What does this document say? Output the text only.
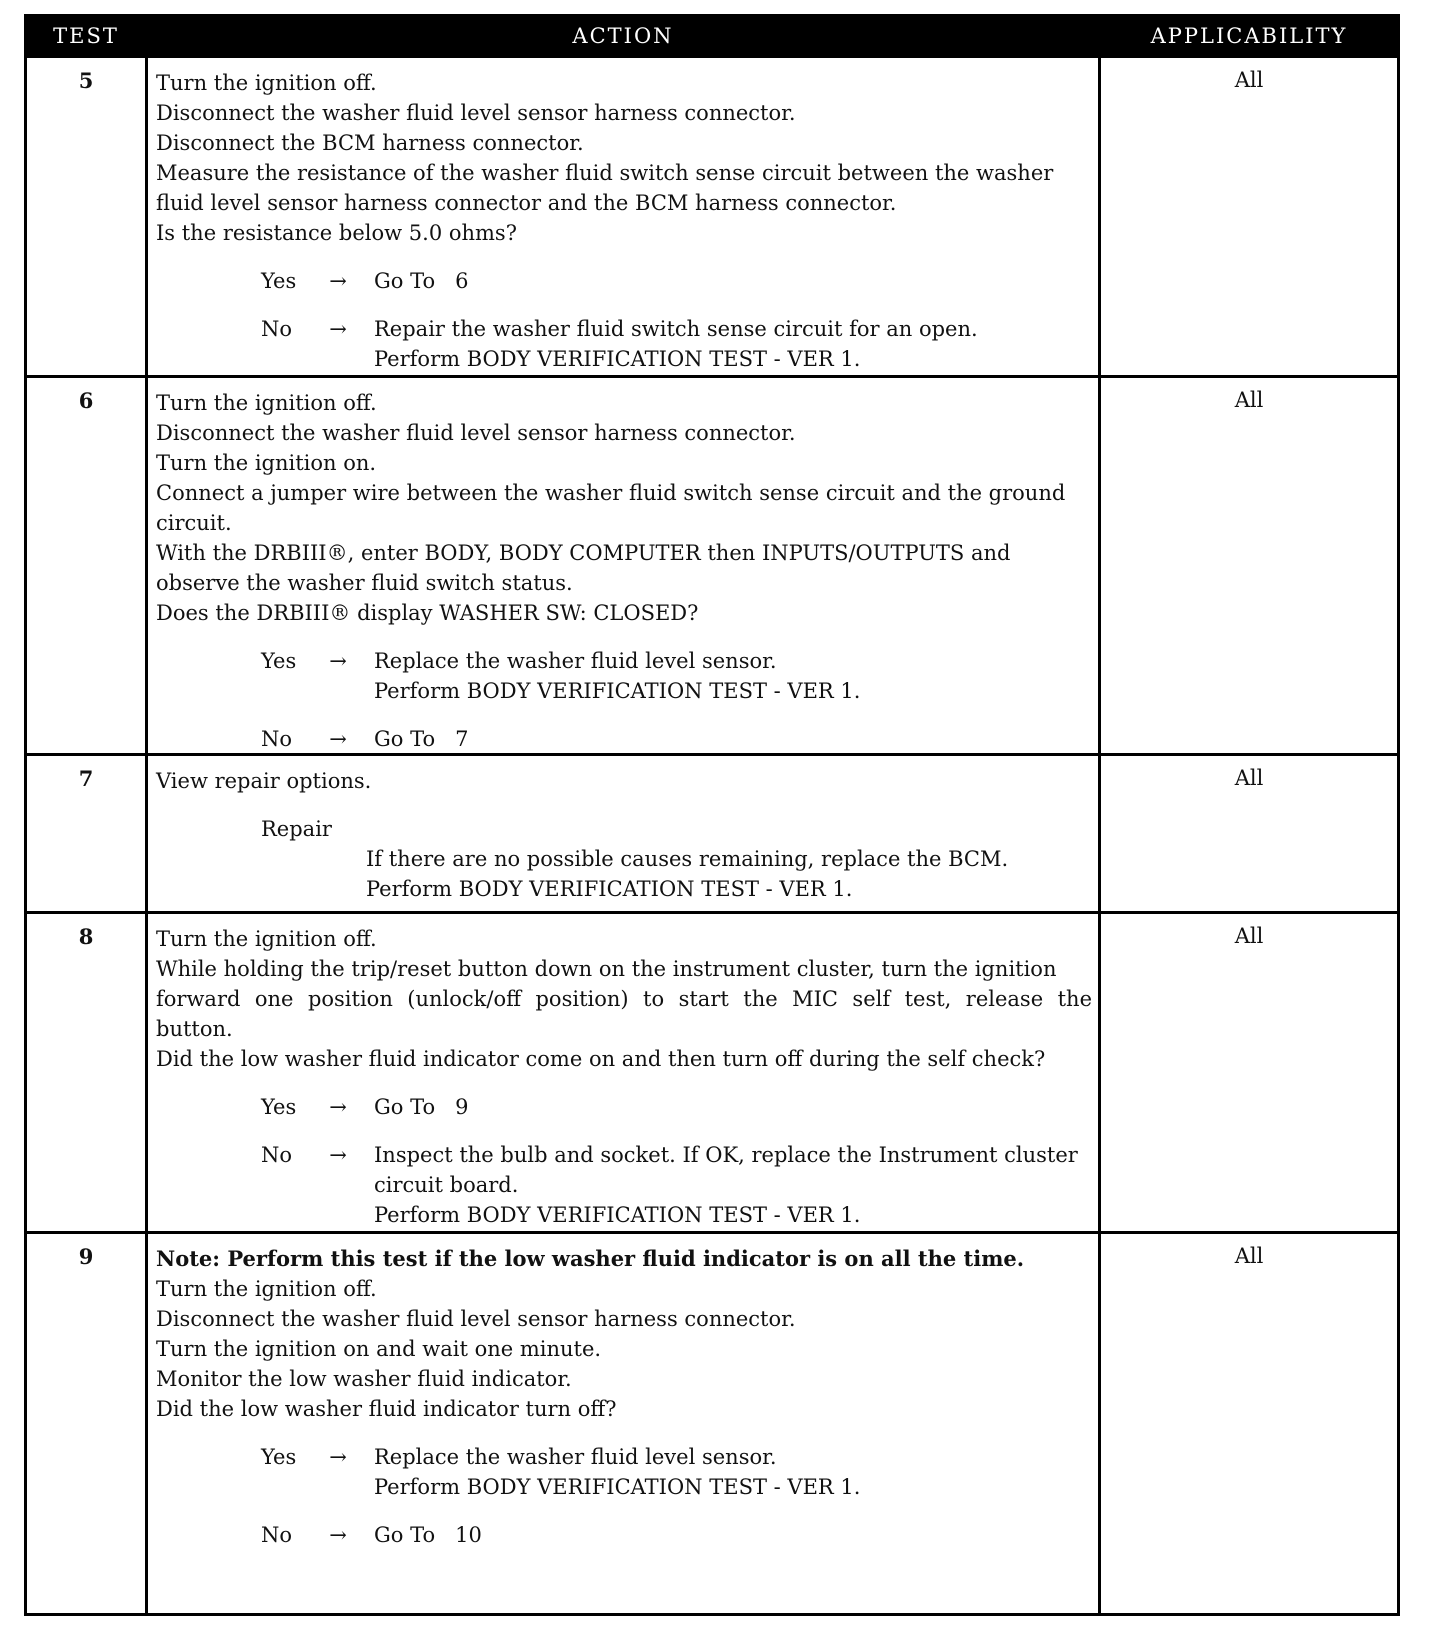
TEST	ACTION	APPLICABILITY
5	Turn the ignition off.
Disconnect the washer fluid level sensor harness connector.
Disconnect the BCM harness connector.
Measure the resistance of the washer fluid switch sense circuit between the washer
fluid level sensor harness connector and the BCM harness connector.
Is the resistance below 5.0 ohms?
Yes	→ Go To   6
No	→ Repair the washer fluid switch sense circuit for an open.
Perform BODY VERIFICATION TEST - VER 1.
All
6	Turn the ignition off.
Disconnect the washer fluid level sensor harness connector.
Turn the ignition on.
Connect a jumper wire between the washer fluid switch sense circuit and the ground
circuit.
With the DRBIII®, enter BODY, BODY COMPUTER then INPUTS/OUTPUTS and
observe the washer fluid switch status.
Does the DRBIII® display WASHER SW: CLOSED?
Yes	→ Replace the washer fluid level sensor.
Perform BODY VERIFICATION TEST - VER 1.
No	→ Go To   7
All
7	View repair options.
Repair
If there are no possible causes remaining, replace the BCM.
Perform BODY VERIFICATION TEST - VER 1.
All
8	Turn the ignition off.
While holding the trip/reset button down on the instrument cluster, turn the ignition
forward one position (unlock/off position) to start the MIC self test, release the
button.
Did the low washer fluid indicator come on and then turn off during the self check?
Yes	→ Go To   9
No	→ Inspect the bulb and socket. If OK, replace the Instrument cluster
circuit board.
Perform BODY VERIFICATION TEST - VER 1.
All
9	Note: Perform this test if the low washer fluid indicator is on all the time.
Turn the ignition off.
Disconnect the washer fluid level sensor harness connector.
Turn the ignition on and wait one minute.
Monitor the low washer fluid indicator.
Did the low washer fluid indicator turn off?
Yes	→ Replace the washer fluid level sensor.
Perform BODY VERIFICATION TEST - VER 1.
No	→ Go To   10
All
